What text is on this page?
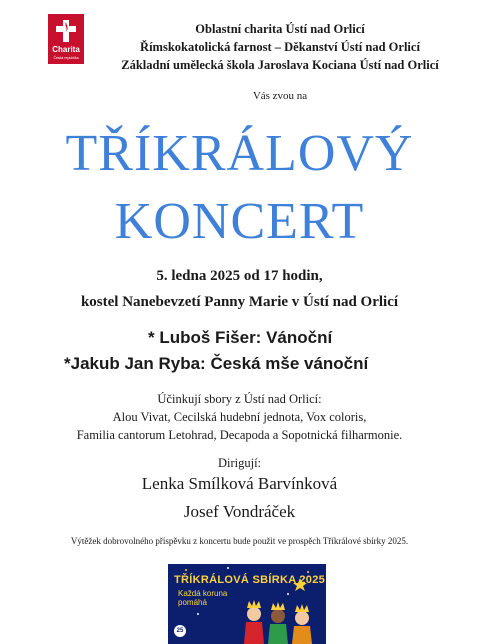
Charita
Česká republika
Oblastní charita Ústí nad Orlicí
Římskokatolická farnost – Děkanství Ústí nad Orlicí
Základní umělecká škola Jaroslava Kociana Ústí nad Orlicí
Vás zvou na
TŘÍKRÁLOVÝ
KONCERT
5. ledna 2025 od 17 hodin,
kostel Nanebevzetí Panny Marie v Ústí nad Orlicí
* Luboš Fišer: Vánoční
*Jakub Jan Ryba: Česká mše vánoční
Účinkují sbory z Ústí nad Orlicí:
Alou Vivat, Cecilská hudební jednota, Vox coloris,
Familia cantorum Letohrad, Decapoda a Sopotnická filharmonie.
Dirigují:
Lenka Smílková Barvínková
Josef Vondráček
Výtěžek dobrovolného příspěvku z koncertu bude použit ve prospěch Tříkrálové sbírky 2025.
TŘÍKRÁLOVÁ SBÍRKA 2025
Každá koruna
pomáhá
25
